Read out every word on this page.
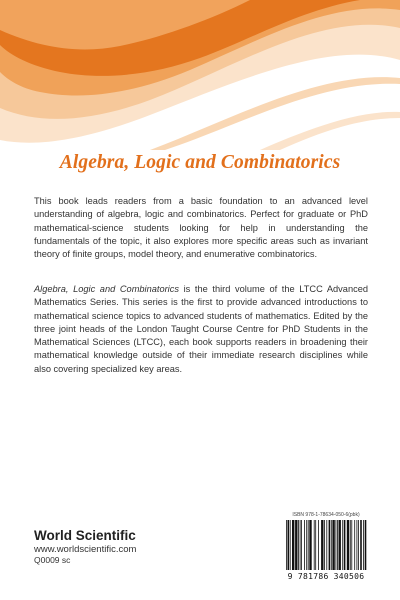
Algebra, Logic and Combinatorics
This book leads readers from a basic foundation to an advanced level understanding of algebra, logic and combinatorics. Perfect for graduate or PhD mathematical-science students looking for help in understanding the fundamentals of the topic, it also explores more specific areas such as invariant theory of finite groups, model theory, and enumerative combinatorics.
Algebra, Logic and Combinatorics is the third volume of the LTCC Advanced Mathematics Series. This series is the first to provide advanced introductions to mathematical science topics to advanced students of mathematics. Edited by the three joint heads of the London Taught Course Centre for PhD Students in the Mathematical Sciences (LTCC), each book supports readers in broadening their mathematical knowledge outside of their immediate research disciplines while also covering specialized key areas.
World Scientific
www.worldscientific.com
Q0009 sc
ISBN 978-1-78634-050-6(pbk)
9 781786 340506
